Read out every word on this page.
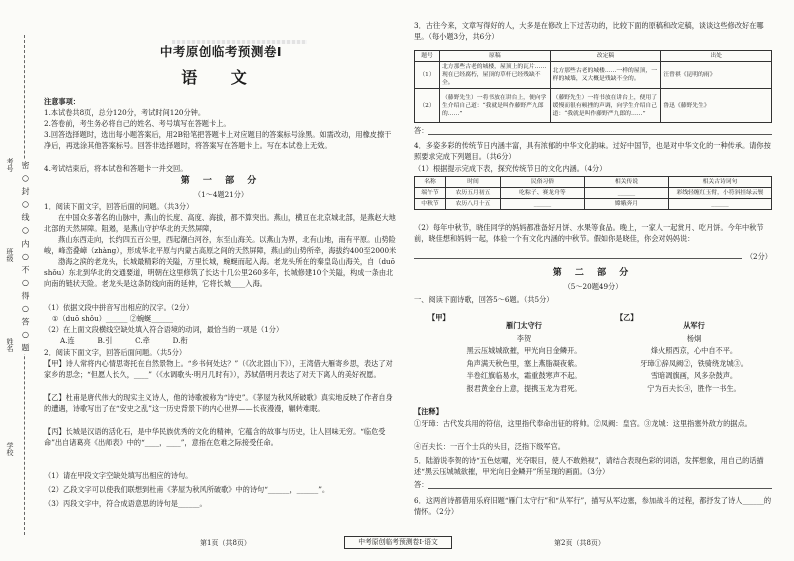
考号
班级
姓名
学校
密 ○ 封 ○ 线 ○ 内 ○ 不 ○ 得 ○ 答 ○ 题
中考原创临考预测卷Ⅰ
语 文
注意事项：
1.本试卷共8页，总分120分，考试时间120分钟。
2.答卷前，考生务必将自己的姓名、考号填写在答题卡上。
3.回答选择题时，选出每小题答案后，用2B铅笔把答题卡上对应题目的答案标号涂黑。如需改动，用橡皮擦干净后，再选涂其他答案标号。回答非选择题时，将答案写在答题卡上。写在本试卷上无效。
4.考试结束后，将本试卷和答题卡一并交回。
第 一 部 分
（1～4题21分）
1．阅读下面文字，回答后面的问题。（共3分）
在中国众多著名的山脉中，燕山的长度、高度、海拔，都不算突出。燕山，横亘在北京城北部，是燕赵大地北部的天然屏障。阻遏，是燕山守护华北的天然屏障，
燕山东西走向，长约四五百公里，西起潮白河谷，东至山海关。以燕山为界，北有山地，南有平原。山势险峻，峰峦叠嶂（zhàng），形成华北平原与内蒙古高原之间的天然屏障，燕山的山势所牵，海拔约400至2000米
渤海之滨的老龙头，长城最精彩的关隘，万里长城，蜿蜒而起入海。老龙头所在的秦皇岛山海关，自（duō shǒu）东北到华北的交通要道，明朝在这里修筑了长达十几公里260多年，长城修建10个关隘，构成一条由北向南的链状天险。老龙头是这条防线向南的延伸，它将长城____入海。
（1）依据文段中拼音写出相应的汉字。（2分）
①（duō shǒu）______ ②蜿蜒______
（2）在上面文段横线空缺处填入符合语境的动词，最恰当的一项是（1分）
A.连          B.引          C.牵          D.衔
2．阅读下面文字，回答后面问题。（共5分）
【甲】诗人常将内心情思寄托在自然景物上。“乡书何处达？”（《次北固山下》），王湾借大雁寄乡思，表达了对家乡的思念；“但愿人长久，____”（《水调歌头·明月几时有》），苏轼借明月表达了对天下离人的美好祝愿。
【乙】杜甫是唐代伟大的现实主义诗人，他的诗歌被称为“诗史”。《茅屋为秋风所破歌》真实地反映了作者自身的遭遇，诗歌写出了在“安史之乱”这一历史背景下的内心世界——长夜漫漫，辗转难眠。
【丙】长城是汉语的活化石，是中华民族优秀的文化的精神，它蕴含的故事与历史，让人回味无穷。“临危受命”出自诸葛亮《出师表》中的“____，____”，意指在危难之际接受任命。
（1）请在甲段文字空缺处填写出相应的诗句。
（2）乙段文字可以使我们联想到杜甫《茅屋为秋风所破歌》中的诗句“______，______”。
（3）丙段文字中，符合成语意思的诗句是______。
第1页（共8页）	中考原创临考预测卷Ⅰ·语文
3．古往今来，文章写得好的人，大多是在修改上下过苦功的，比较下面的原稿和改定稿，谈谈这些修改好在哪里。（每小题3分，共6分）
题号	原稿	改定稿	出处
（1）	北方那些古老的城楼，屋顶上的瓦片……现在已经腐朽，屋顶的草杆已经残缺不全。	北方那些古老的城楼……一样的屋顶，一样的城墙，又大概是残缺不全的。	汪曾祺《昆明的雨》
（2）	（藤野先生）一将书放在讲台上，便向学生介绍自己道：“我就是叫作藤野严九郎的……”	（藤野先生）一将书放在讲台上，便用了缓慢而很有顿挫的声调，向学生介绍自己道：“我就是叫作藤野严九郎的……”	鲁迅《藤野先生》
答：
4．多姿多彩的传统节日内涵丰富，具有浓郁的中华文化韵味。过好中国节，也是对中华文化的一种传承。请你按照要求完成下列题目。（共6分）
（1）根据提示完成下表，探究传统节日的文化内涵。（4分）
名称	时间	民俗习俗	相关传说	相关古诗词句
端午节	农历五月初五	吃粽子、赛龙舟等	______	彩线轻缠红玉臂，小符斜挂绿云鬟
中秋节	农历八月十五	______	嫦娥奔月	______
（2）每年中秋节，晓佳同学的妈妈都准备好月饼、水果等食品。晚上，一家人一起赏月、吃月饼。今年中秋节前，晓佳想和妈妈一起，体验一个有文化内涵的中秋节。假如你是晓佳，你会对妈妈说：
（2分）
第 二 部 分
（5～20题49分）
一、阅读下面诗歌，回答5～6题。（共5分）
【甲】	【乙】
雁门太守行
李贺
黑云压城城欲摧，甲光向日金鳞开。
角声满天秋色里，塞上燕脂凝夜紫。
半卷红旗临易水，霜重鼓寒声不起。
报君黄金台上意，提携玉龙为君死。
从军行
杨炯
烽火照西京，心中自不平。
牙璋①辞凤阙②，铁骑绕龙城③。
雪暗凋旗画，风多杂鼓声。
宁为百夫长④，胜作一书生。
【注释】
①牙璋：古代发兵用的符信，这里指代奉命出征的将帅。②凤阙：皇宫。③龙城：这里指塞外敌方的据点。
④百夫长：一百个士兵的头目，泛指下级军官。
5．陆游说李贺的诗“五色炫曜，光夺眼目，使人不敢熟视”，请结合表现色彩的词语，发挥想象，用自己的话描述“黑云压城城欲摧，甲光向日金鳞开”所呈现的画面。（3分）
答：
6．这两首诗都借用乐府旧题“雁门太守行”和“从军行”，描写从军边塞，参加战斗的过程，都抒发了诗人______的情怀。（2分）
第2页（共8页）
